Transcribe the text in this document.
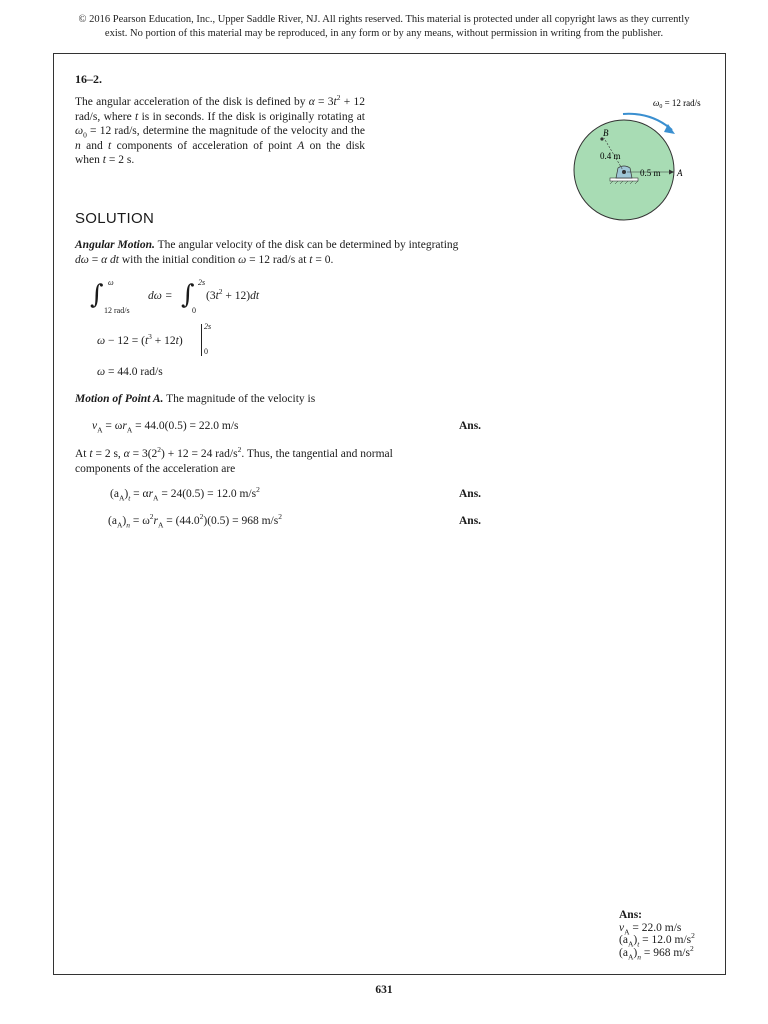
© 2016 Pearson Education, Inc., Upper Saddle River, NJ. All rights reserved. This material is protected under all copyright laws as they currently
exist. No portion of this material may be reproduced, in any form or by any means, without permission in writing from the publisher.
16–2.

The angular acceleration of the disk is defined by $\alpha = 3t^2 + 12$ rad/s, where t is in seconds. If the disk is originally rotating at $\omega_0 = 12$ rad/s, determine the magnitude of the velocity and the n and t components of acceleration of point A on the disk when t = 2 s.

$\omega_0 = 12$ rad/s
B
0.4 m
0.5 m A
SOLUTION

Angular Motion. The angular velocity of the disk can be determined by integrating

dω = α dt with the initial condition ω = 12 rad/s at t = 0.

∫ ω
12 rad/s
dω = ∫ 2s
0
$(3t^2 + 12)dt$
$\omega - 12 = (t^3 + 12t)$
2s
0
ω = 44.0 rad/s

Motion of Point A. The magnitude of the velocity is

$v_A = \omega r_A = 44.0(0.5) = 22.0$ m/s	Ans.

At t = 2 s, $\alpha = 3(2^2) + 12 = 24$ rad/$s^2$. Thus, the tangential and normal

components of the acceleration are

$(a_A)_t = \alpha r_A = 24(0.5) = 12.0$ $m/s^2$	Ans.
$(a_A)_n = \omega^2r_A = (44.0^2)(0.5) = 968$ $m/s^2$	Ans.
Ans:
$v_A = 22.0$ m/s
$(a_A)_t = 12.0$ $m/s^2$
$(a_A)_n = 968$ $m/s^2$
631
